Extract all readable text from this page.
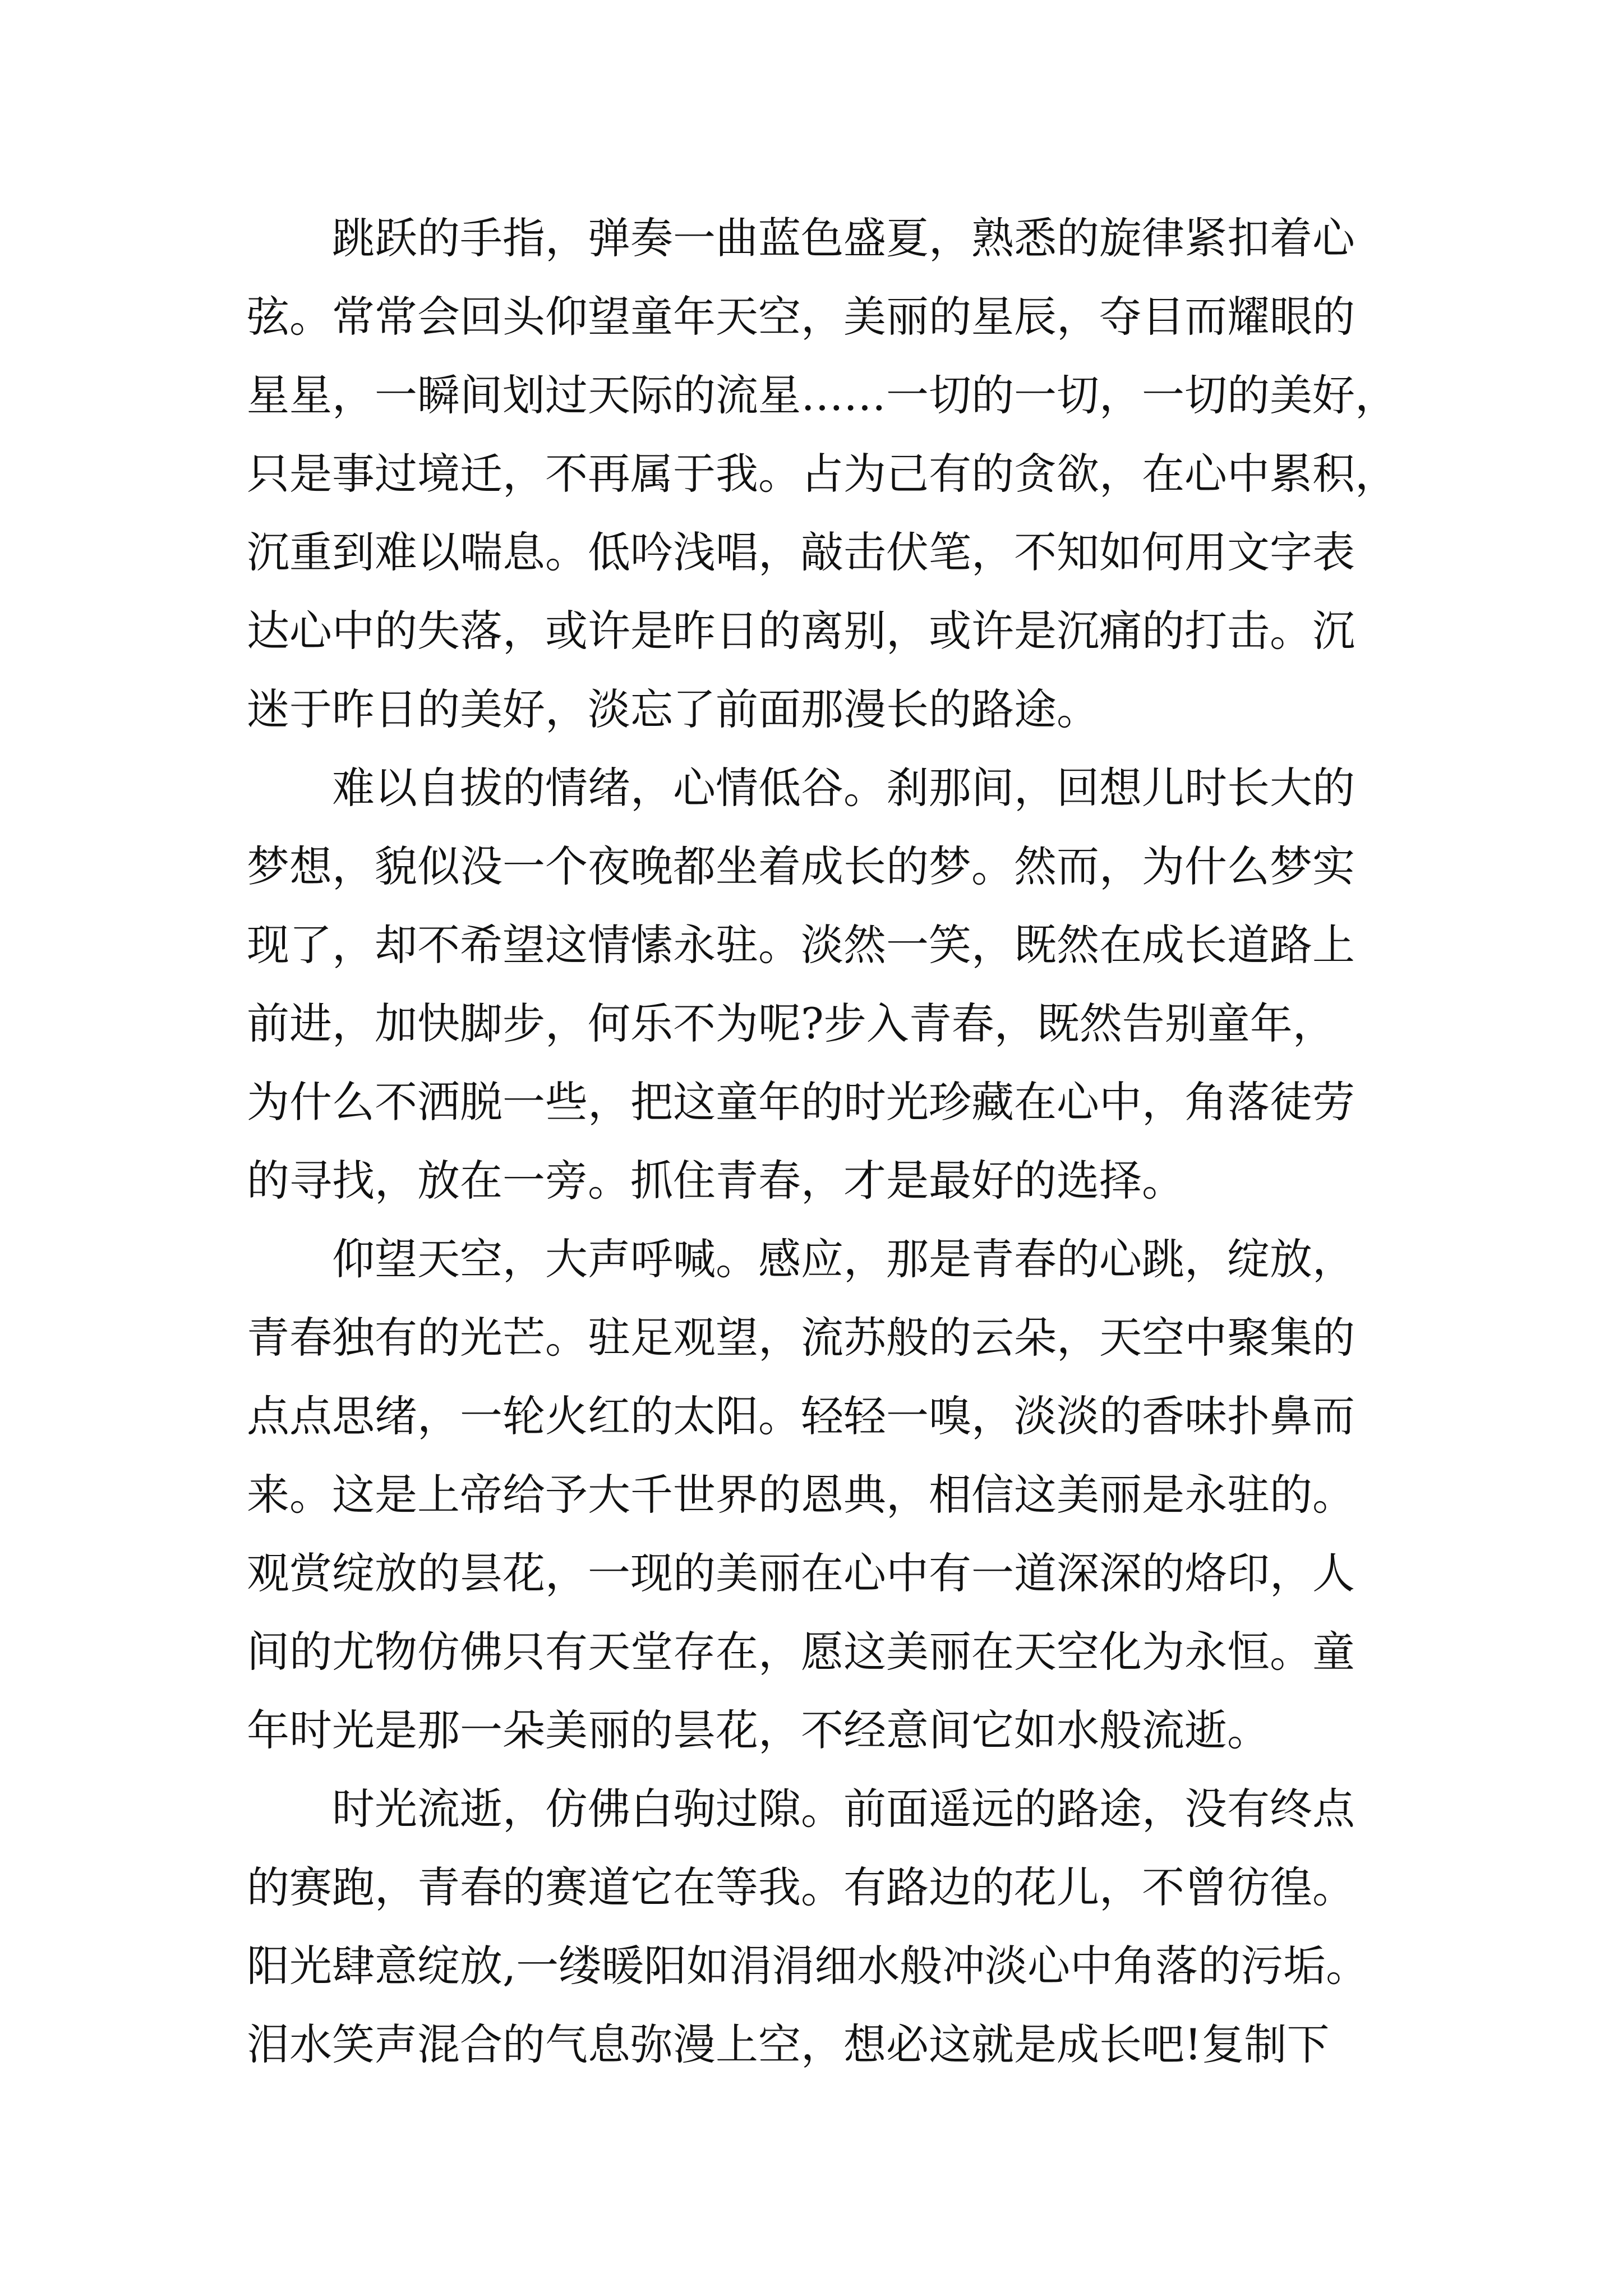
跳跃的手指，弹奏一曲蓝色盛夏，熟悉的旋律紧扣着心
弦。常常会回头仰望童年天空，美丽的星辰，夺目而耀眼的
星星，一瞬间划过天际的流星……一切的一切，一切的美好，
只是事过境迁，不再属于我。占为己有的贪欲，在心中累积，
沉重到难以喘息。低吟浅唱，敲击伏笔，不知如何用文字表
达心中的失落，或许是昨日的离别，或许是沉痛的打击。沉
迷于昨日的美好，淡忘了前面那漫长的路途。
难以自拔的情绪，心情低谷。刹那间，回想儿时长大的
梦想，貌似没一个夜晚都坐着成长的梦。然而，为什么梦实
现了，却不希望这情愫永驻。淡然一笑，既然在成长道路上
前进，加快脚步，何乐不为呢?步入青春，既然告别童年，
为什么不洒脱一些，把这童年的时光珍藏在心中，角落徒劳
的寻找，放在一旁。抓住青春，才是最好的选择。
仰望天空，大声呼喊。感应，那是青春的心跳，绽放，
青春独有的光芒。驻足观望，流苏般的云朵，天空中聚集的
点点思绪，一轮火红的太阳。轻轻一嗅，淡淡的香味扑鼻而
来。这是上帝给予大千世界的恩典，相信这美丽是永驻的。
观赏绽放的昙花，一现的美丽在心中有一道深深的烙印，人
间的尤物仿佛只有天堂存在，愿这美丽在天空化为永恒。童
年时光是那一朵美丽的昙花，不经意间它如水般流逝。
时光流逝，仿佛白驹过隙。前面遥远的路途，没有终点
的赛跑，青春的赛道它在等我。有路边的花儿，不曾彷徨。
阳光肆意绽放,一缕暖阳如涓涓细水般冲淡心中角落的污垢。
泪水笑声混合的气息弥漫上空，想必这就是成长吧!复制下
